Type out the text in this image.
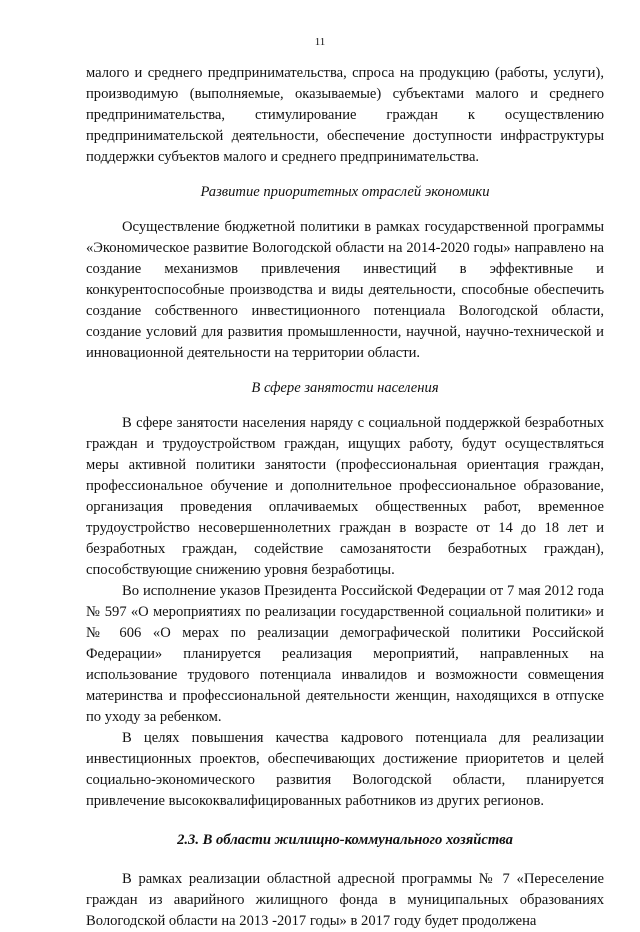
11

малого и среднего предпринимательства, спроса на продукцию (работы, услуги), производимую (выполняемые, оказываемые) субъектами малого и среднего предпринимательства, стимулирование граждан к осуществлению предпринимательской деятельности, обеспечение доступности инфраструктуры поддержки субъектов малого и среднего предпринимательства.

Развитие приоритетных отраслей экономики

Осуществление бюджетной политики в рамках государственной программы «Экономическое развитие Вологодской области на 2014-2020 годы» направлено на создание механизмов привлечения инвестиций в эффективные и конкурентоспособные производства и виды деятельности, способные обеспечить создание собственного инвестиционного потенциала Вологодской области, создание условий для развития промышленности, научной, научно-технической и инновационной деятельности на территории области.

В сфере занятости населения

В сфере занятости населения наряду с социальной поддержкой безработных граждан и трудоустройством граждан, ищущих работу, будут осуществляться меры активной политики занятости (профессиональная ориентация граждан, профессиональное обучение и дополнительное профессиональное образование, организация проведения оплачиваемых общественных работ, временное трудоустройство несовершеннолетних граждан в возрасте от 14 до 18 лет и безработных граждан, содействие самозанятости безработных граждан), способствующие снижению уровня безработицы.

Во исполнение указов Президента Российской Федерации от 7 мая 2012 года № 597 «О мероприятиях по реализации государственной социальной политики» и № 606 «О мерах по реализации демографической политики Российской Федерации» планируется реализация мероприятий, направленных на использование трудового потенциала инвалидов и возможности совмещения материнства и профессиональной деятельности женщин, находящихся в отпуске по уходу за ребенком.

В целях повышения качества кадрового потенциала для реализации инвестиционных проектов, обеспечивающих достижение приоритетов и целей социально-экономического развития Вологодской области, планируется привлечение высококвалифицированных работников из других регионов.

2.3. В области жилищно-коммунального хозяйства

В рамках реализации областной адресной программы № 7 «Переселение граждан из аварийного жилищного фонда в муниципальных образованиях Вологодской области на 2013 -2017 годы» в 2017 году будет продолжена
